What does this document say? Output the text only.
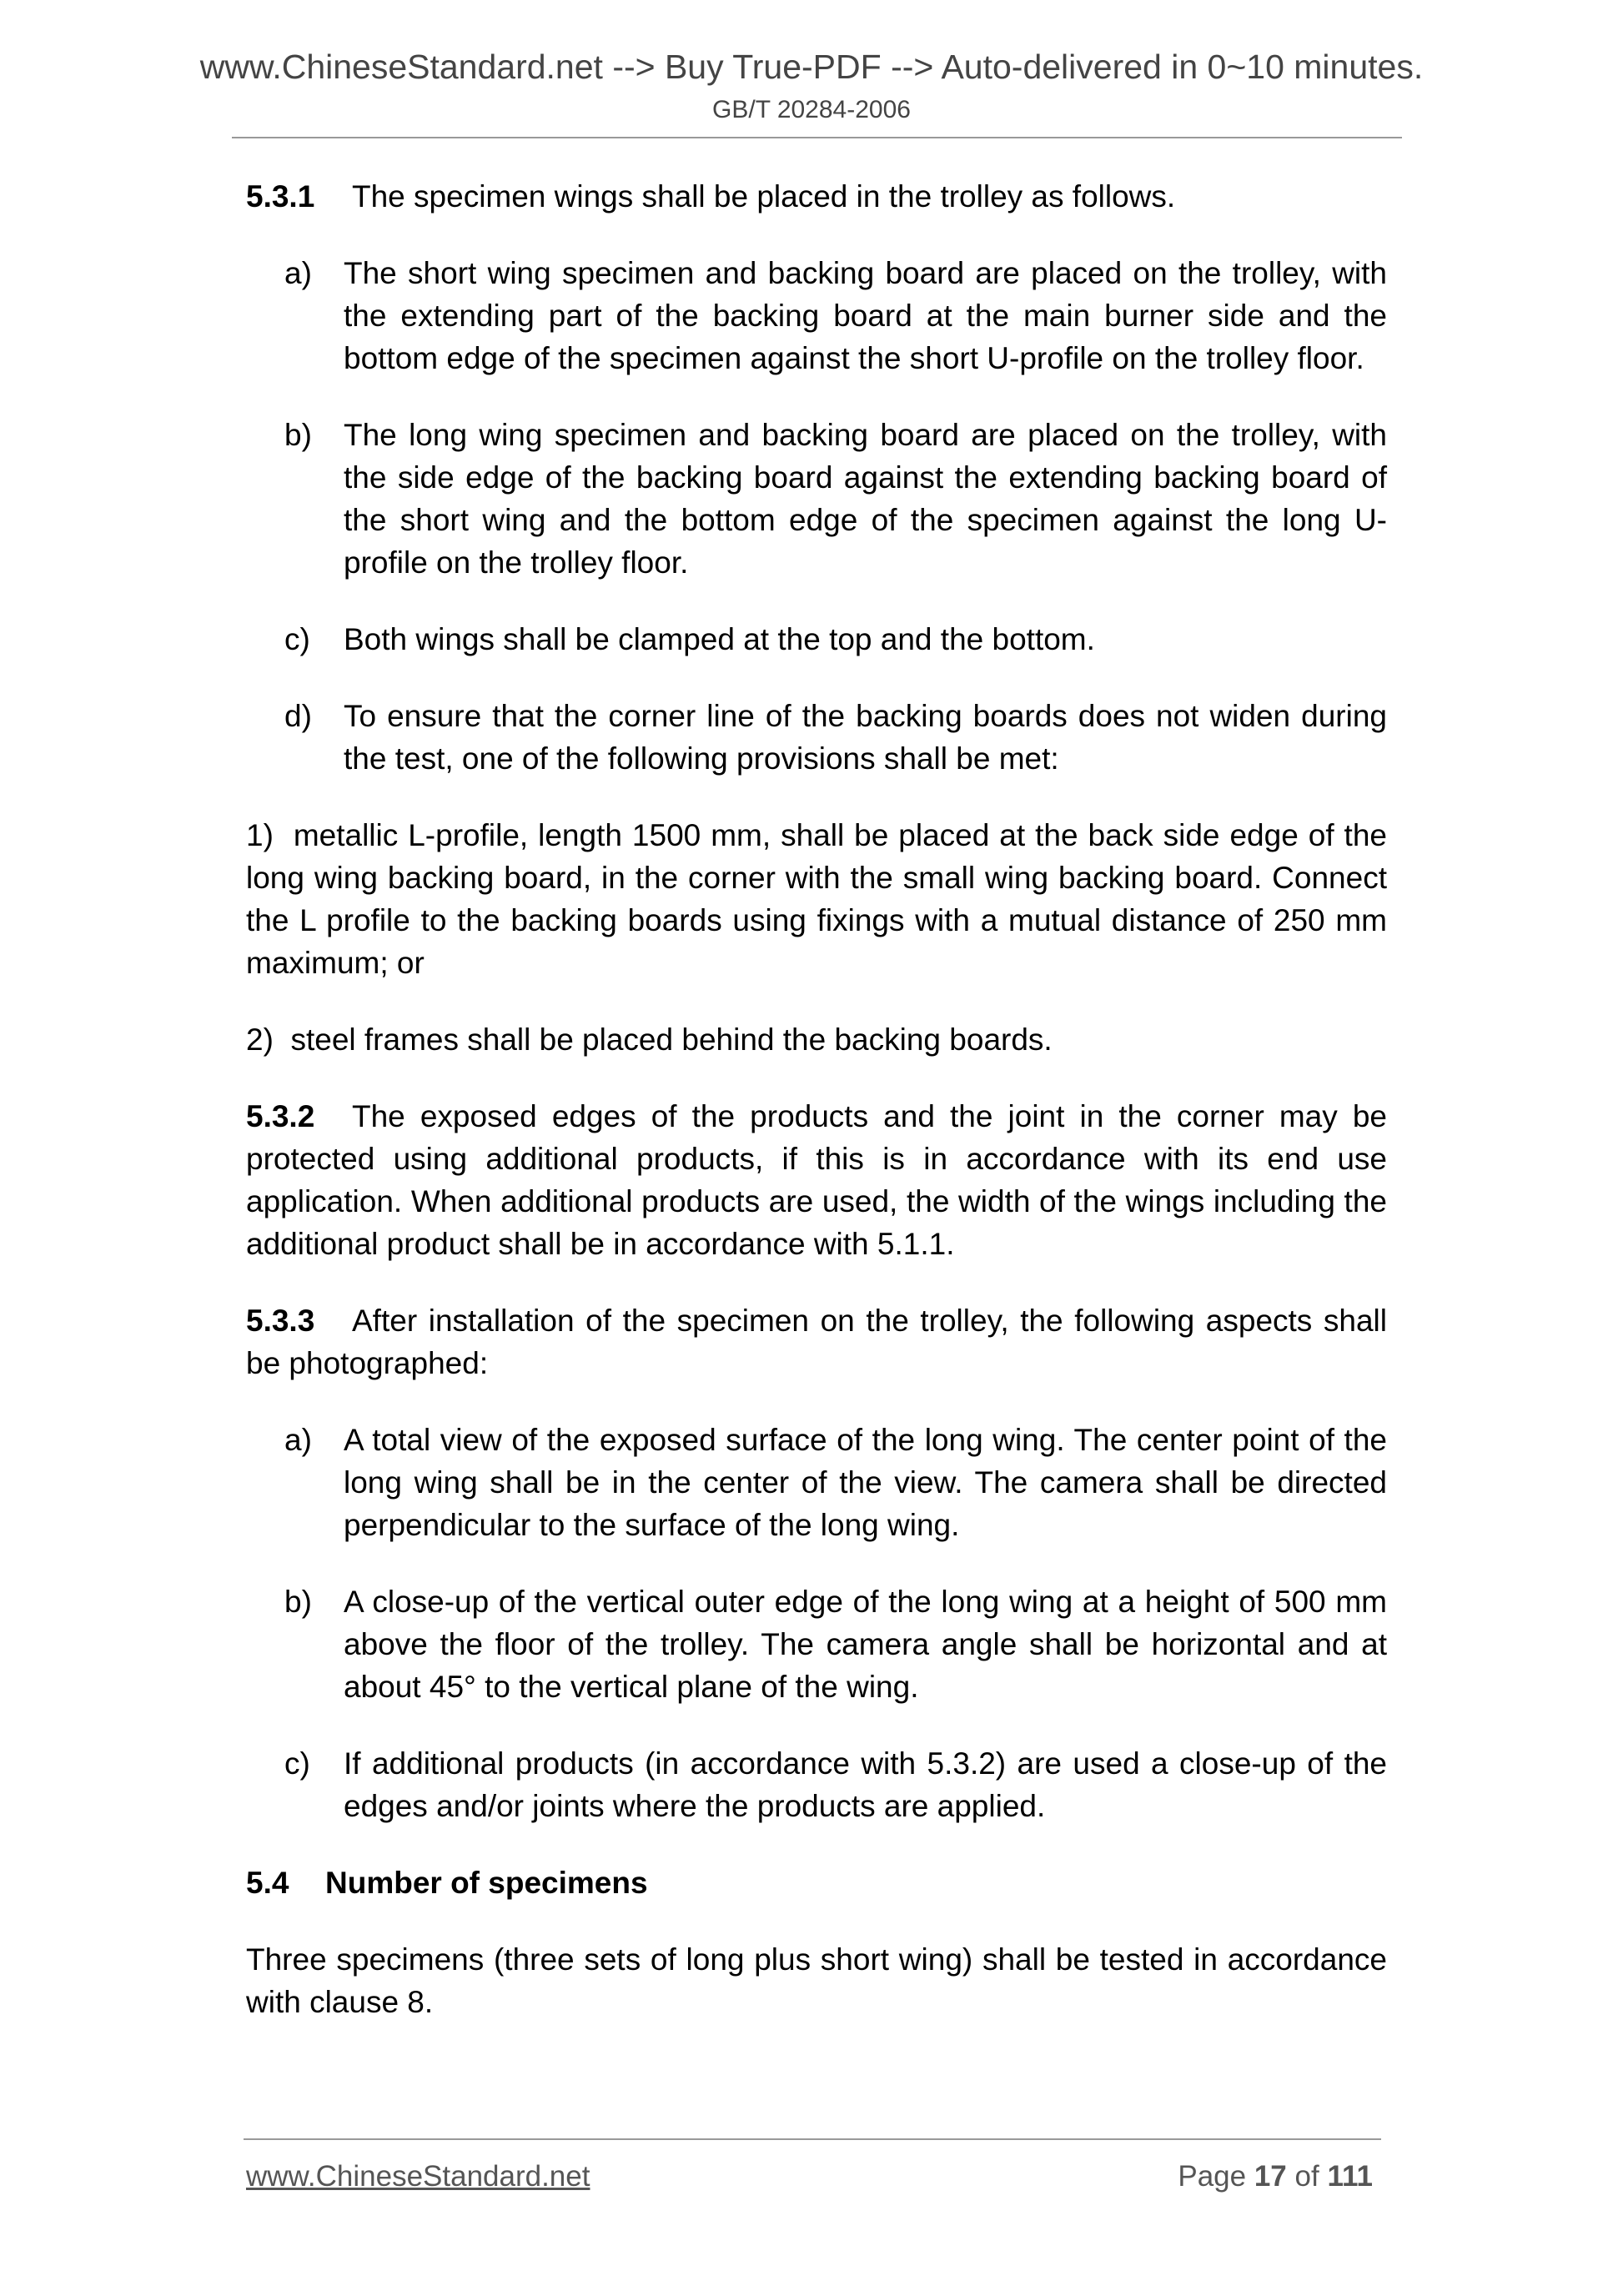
www.ChineseStandard.net --> Buy True-PDF --> Auto-delivered in 0~10 minutes.
GB/T 20284-2006

5.3.1 The specimen wings shall be placed in the trolley as follows.

a) The short wing specimen and backing board are placed on the trolley, with the extending part of the backing board at the main burner side and the bottom edge of the specimen against the short U-profile on the trolley floor.

b) The long wing specimen and backing board are placed on the trolley, with the side edge of the backing board against the extending backing board of the short wing and the bottom edge of the specimen against the long U-profile on the trolley floor.

c) Both wings shall be clamped at the top and the bottom.

d) To ensure that the corner line of the backing boards does not widen during the test, one of the following provisions shall be met:

1)  metallic L-profile, length 1500 mm, shall be placed at the back side edge of the long wing backing board, in the corner with the small wing backing board. Connect the L profile to the backing boards using fixings with a mutual distance of 250 mm maximum; or

2)  steel frames shall be placed behind the backing boards.

5.3.2 The exposed edges of the products and the joint in the corner may be protected using additional products, if this is in accordance with its end use application. When additional products are used, the width of the wings including the additional product shall be in accordance with 5.1.1.

5.3.3 After installation of the specimen on the trolley, the following aspects shall be photographed:

a) A total view of the exposed surface of the long wing. The center point of the long wing shall be in the center of the view. The camera shall be directed perpendicular to the surface of the long wing.

b) A close-up of the vertical outer edge of the long wing at a height of 500 mm above the floor of the trolley. The camera angle shall be horizontal and at about 45° to the vertical plane of the wing.

c) If additional products (in accordance with 5.3.2) are used a close-up of the edges and/or joints where the products are applied.

5.4 Number of specimens

Three specimens (three sets of long plus short wing) shall be tested in accordance with clause 8.

www.ChineseStandard.net	Page 17 of 111
